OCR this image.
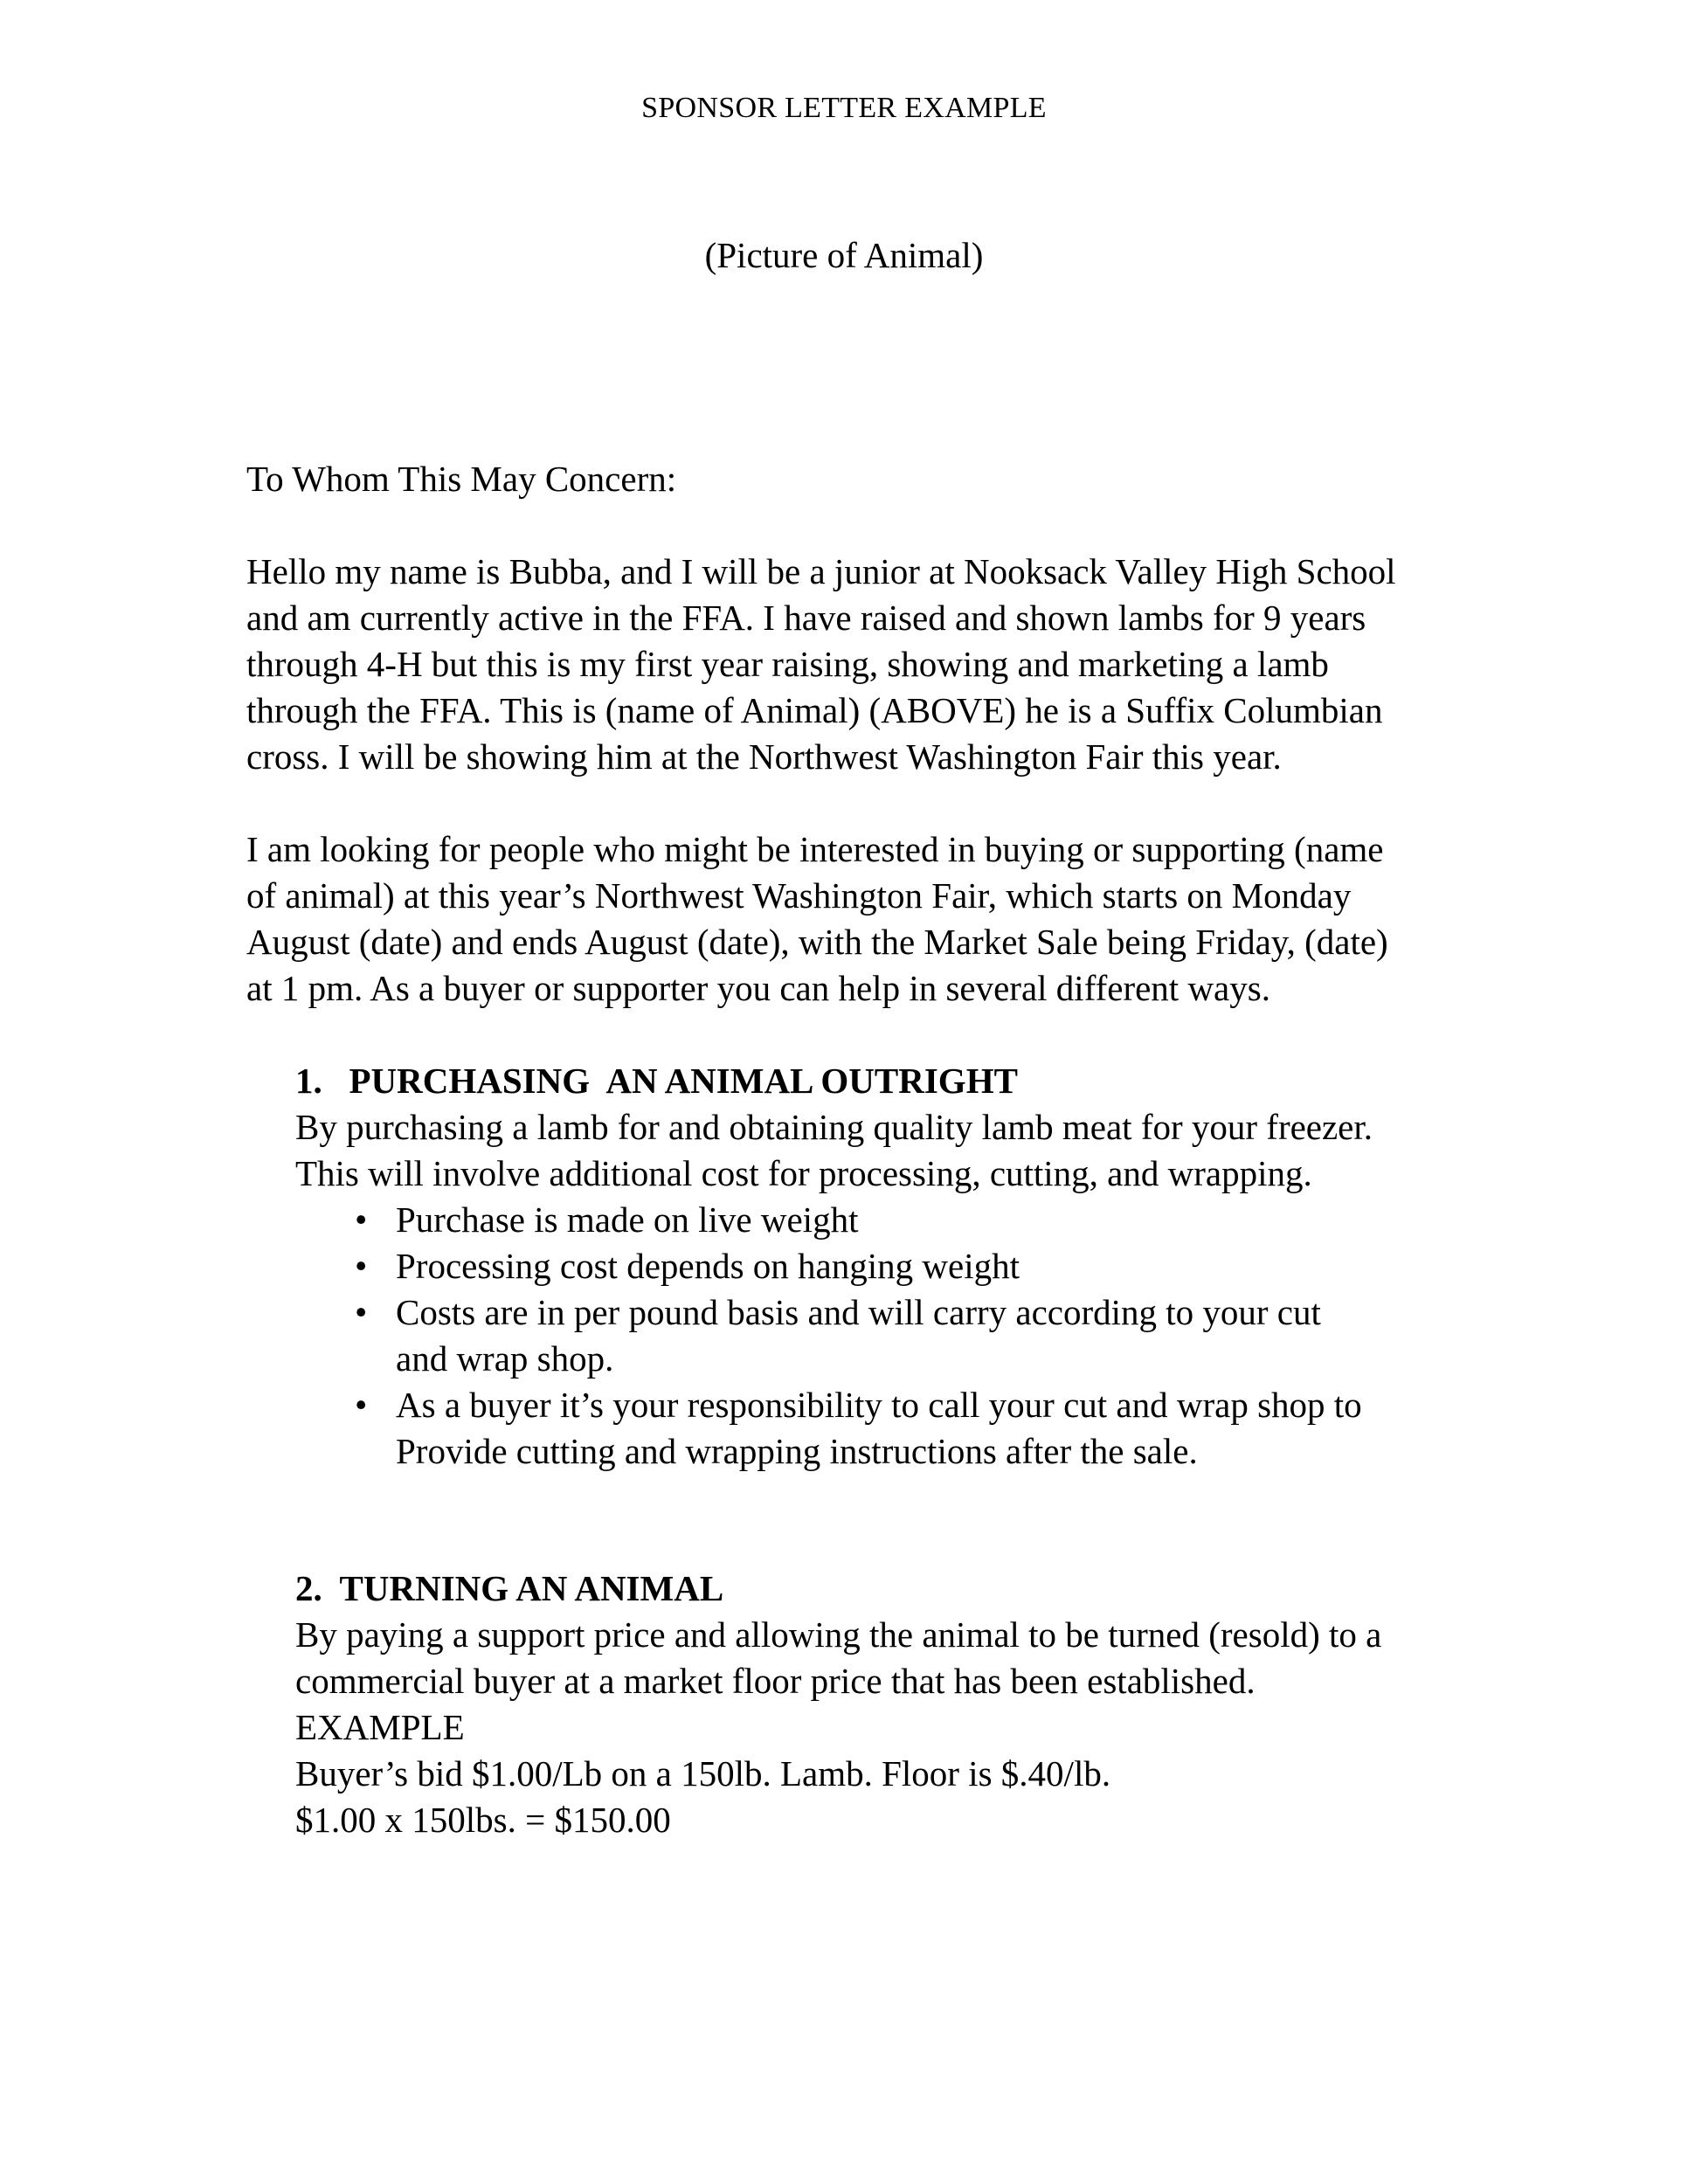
SPONSOR LETTER EXAMPLE
(Picture of Animal)

To Whom This May Concern:

Hello my name is Bubba, and I will be a junior at Nooksack Valley High School and am currently active in the FFA. I have raised and shown lambs for 9 years through 4-H but this is my first year raising, showing and marketing a lamb through the FFA. This is (name of Animal) (ABOVE) he is a Suffix Columbian cross. I will be showing him at the Northwest Washington Fair this year.

I am looking for people who might be interested in buying or supporting (name of animal) at this year’s Northwest Washington Fair, which starts on Monday August (date) and ends August (date), with the Market Sale being Friday, (date) at 1 pm. As a buyer or supporter you can help in several different ways.

1. PURCHASING  AN ANIMAL OUTRIGHT

By purchasing a lamb for and obtaining quality lamb meat for your freezer. This will involve additional cost for processing, cutting, and wrapping.

• Purchase is made on live weight
• Processing cost depends on hanging weight
• Costs are in per pound basis and will carry according to your cut and wrap shop.
• As a buyer it’s your responsibility to call your cut and wrap shop to
Provide cutting and wrapping instructions after the sale.

2. TURNING AN ANIMAL

By paying a support price and allowing the animal to be turned (resold) to a commercial buyer at a market floor price that has been established.

EXAMPLE

Buyer’s bid $1.00/Lb on a 150lb. Lamb. Floor is $.40/lb.

$1.00 x 150lbs. = $150.00
